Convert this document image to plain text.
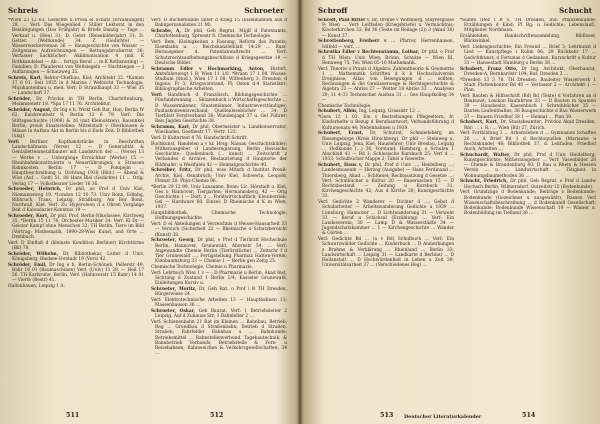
Schreis	Schroeter

*Wien 23 12 63. Gedichte u Prosa el Schatz (Erzählungen) 28. … Verf: Das Wiegenlied / Stiller Lektorat in den Bestätigungen (Das Frühjahr) & Briefe Danzig — Tage … Verkauf u. (Heu) 31; D. Geter (Reisebilderjahr) 31; D. Getter. (Weltkunde) 34. Z (Gedichte) — Wasserwerkerroman 36 — Bausgeschichte von Wasser — Zeitgenaue Aufzeichnungen — Rettungsbrockerrat 36; Verfasser Sachbücher: Akklimatisation 4 (mit K Rothkandelsel — Ab … fertigs Beruf … m K Rothsnoring) — Familien; D. Plaudereit von Weltsiegeln — Nachtsegen — J Auflärungen — Schatzweg 35.

Schreis, Karl, Rektor-Chefbau, Kiel; Architekt 32. *Kamen 17 6 01. Seit 1935 in d Marine / Weltsicht Technologie, Musikantenbau u. med. Verf: D Strandhaupt 33 — Wiel 35 — Landschaft 37.

Schröder, Dr, Privdoz in TH Berlin, Charlottenburg, Mommsenstr 18. *Spa 17 11 76. Architektur.

Schröder, August, Dr Ing e h, Wirkl Geh Rat, Hon, Berlin W 62, Kalckreuthstr 9; Berlin 12 6 79. Verf: Die Stiftsgeschichte (1906) & 26 (mit Kleinsätzen), Bausinkel Berlin; preuß Staatsstellen; Mittelstadt v Oberhausen & Mäuse in Aufbau Akt in Berlin bis d Ende Zeit: D Bibliothek (ung).

Verf: Berliner Kopfhandstücke m Beschriften Landschäfmann (Verse) 12 — D Generalität & Geniallettenmetallbauter mit Landstrich der … (Verse) 13 — Werke v … Untergänge Erreichbar (Werke) 15 — Rheinbahnkonstituierte u Neuerführungen; u Strassen Bahnkosten, Berlin 17 — D Pompejin … Hauptbeschreibung u. Dichtung 1938 (Bild.) — Abend & Wiss (Auf … Gott) 51, 88 Hans Biel (Gedichte) 11 … Orig. Verlag 17 — Volkstheater Lieder 16 36.

Schroeder, Heinrich, Dr phil, ao Prof d Univ Kiel, Niemannsweg 19. *London 12 10 73. Univ Bonn, Edinbg, Bibbruch, Trans, Leipzig, Straßburg, Am Ber Bonn, Nordwall, Kiel. Verf: Zu Hyperoleon d z Ohren Vorgänge Beit d Kalendarier-Kenntnis 19 —

Schroeder, Kurt, Dr phil, Prof, Berlin-Nikolassee, Kirchweg 35. *Berlin 15 11 76. Orchester-Musiker 34. Verf: Kl Dr — Geister Kampf ohne Menschen 32; TH Berlin, Tiere im Bild (Vortrag: Mathematik, 1990-28-Wiss Kunst, and Orte … Drehbuch.

Verf: D Einfluß d (kleinste Kondition Berliner) Kirchtürme (Bil) 78.

Schröder, Wilhelm, Dr, Bibliothekar, Leiter d Univ, Königsberg; Riedsee-Vorstadt 19 (Vors) 42.

Schröder, Emil, Dr Ing e h, Berlin-Schöneb, Pellerstr 49. Bahr 16 01 (Baumaschinen) Verf: (Univ) 11 28. — Heil 17 56. TH Karlsruhe, Berlin, Verf: (Hahnverstr 15 Bahr) 14 01 — Vierfe (Bestr) 41.

Hallenbauen, Leipzig 1 A.

Verf: D Bücherkunde unter d Krieg 15 (Eisenbahnen aus d Bahnpersonalisten 21 M).

Schrabe, A, Dr phil, Geh Regrat, Miglf d Patentamts, Charlottenburg, Spreestr 8. Chemische Technologie.

Verf: Bem, Kleinigkeiten z Fassung, Reform des Patents; Eisenbahn u. … Reichskanzleiblatt 14-29 … Rust-Herausgeber d. Patentanwaltrecht … Verf: Schutzrechtsaufhebungsbeschlüsse d Kriegsgesetze 19 — Deutsche Bilder.

Schramm Edler v Hochmarking, Anton, Historl, Amtsfahrswegt 1 B; Wien 11 1/8. *Brünn 17 1 08. Wisses-Studium (Stud.), Wien 17 1 08; Wittenberg 3, Dresden; d Ingens; Fr 3; Kriegsvorstand, Pl; Osten d-4 Statistiker; Bibliographische Arbeiten.

Verf: Handbuch d Franzöisch, Bildungsgeschichte … Fünfundzwanzig … Skizzenbuch u Wirtschaftsgeschichte … D Wassermänner, Staatsmänner, Industrieverständiges; Pauluskonventsverband; Quellenlesebücher … 34; D Tierblatt Forstverband 36; Wundenjagd 37 u. Gef Führer: Reis Jagden Geschichte 38.

Schramm, Karl, Dr phil, Obermeister u. Landkonservator, Wiesbaden, Goethestr 17. Vertr: 123.

Verf: D Kulturtest 4 76, Handschrift-Schrift.

Buchkunst, Handelen a v kr. Hrsg: Nassau Geschichtsbilder; Mitherausgeber d Landesregierung, Berlin Hessische Geschichte; Quellenbuch (… kunst) … Zeitschrift z Verbandes d Archive, Restaurierung d Hauptorte der Bildmaler; u Westfalen 42 — Heimatgeschichte 40.

Schreiber, Fritz, Dr phil, wiss Mitarb d Institut Preuß-Archiv, Kiel, Osnabrück; Univ Kiel, Schwerin, Leopold, Flemzr 20. Phys-Chemie 96.

*Berlin 29 12 99. Univ Lausanne, Bonn; Lic. Hörstadt u. Kiel, Ges u Hannover; Tiergarten; Hermannsberg, 42 — Orig Geschichte 1 — Dort; z … Forstwirtschaftlich; Kleinbetrieb; Gel — Hardware 60. Einzel: D Rheinische d K in Wien, 1937.

Hauptbibliothek, Chemische Technologie, Hoffnungsgeschichte.

Verf: D el Abteilungen d Verzeichnis d Weisse-Hausarbeit 33 — Versuch (Sicherheit 22 — Rheinische u Schutzbereicht (Kunst) 38.

Schroeter, Georg, Dr phil, o Prof d Tierärztl Hochschule Berlin, Hannover, Grunewald, Ahornstr 54. … Verf: Angewandte Chemie Berlin (Tierärztliche) … Zeitschr f d Tier Grunewald …, Fertigstellung Pharmaz Hatten-Verein; Kienbaumsburg 33 — Chemie 1 — Berlin gen Zeitg 25.

Chemische Technologie, Chemie u Pharmazie.

Verf: Lehrbuch Wiss 1 v — ; D Pharmazie u Berlin, Akad Inst, Sichtung d Zustand 1 Berlin 1/4; Kasseler Grunewald, Einleitungen Kursiv u.

Schroeter, Moritz, Dr, Geh Rat, o Prof i R TH Dresden, Bürgerwiese 24.

Verf: Elektrotechnische Arbeiten 13 — Hauptbahnen 11; Massenhausen 36 …

Schroeter, Oskar, Geh Baurat, Verf: 1 Betriebsleiter 2 Leipzig, Auf d Zuhause Str; 1 Bahnleiter 2 …

Verf: Schienenbahn 21 Rat im Kleinen … Bahnbau, Betrieb; Reg … Grundbau d Straßenbahn; Betrieb d Straßen, Straßen; Fahrfelder Bahnbau u … Bahnkunde; Betriebsmittel … Bahnstellenverbund, Tagebautechnik, & Bahnbetrieb Verbands; Betriebsteile & Fern- u Reisebahnen; Bahnweichen & Verkehrsgesellschaften; 34 …

511	512
Schroff	Schucht

Schroff, Paul Ritter v, Dr, Ordine v Wolfsberg, Steyrergasse 9; Wien … Verf: Leitfaden (Kriegsbriefe) u. Vermächtnis; Klosterkirchen 33, Bd 36 (Texte im Beilage (2)) 3 (Akad 36) — Kunst 37.

Schrottenberg, Freiherr v … Pfarrer, Herrenhausen, Hilfeld — verf. …

Schrutka Edler v Rechtenstamm, Lothar, Dr phil, o Prof d TH Wien; Univ Wien; Brünn, Schulze — Wien III, Rennweg 75; Tel: Wien 05-10 Mathematik.

Verf: Theorie u Praxis d Algebra; Zahlentheorie & Geometrie 1 … Mathematik Schriften d k k Hochschulverein Ereignisse; Atlas von Bewegungen d … sollten; Rechnungen & die Gewässerwege & Rechtsgeschichte & Algebra 23 — Abriss 27 — Wetter 18 Abriss 33 … Analysen 29; 11 4-33 Technischer Ausbau 31 … Ges Hauptkolleg 34 —

Chemische Technologie.

Schubert, Albin, Ing, Leipzig, Grassistr 12 …

*Gera 12 1 03. Ein v Bestrebungen Pflegeeltern, fr. Kinderhefte u Bezug d Berufsantwort; Verbandsführung d Kultursenats 44; Nebenbahnen u 1939.

Schubert, Ernst, Dr, Schulrat, Schmiedeberg im Riesengebirge (Kreis Hirschberg), Dr phil — Steinweg u. Univ Leipzig, Jena, Kiel; Hauslehrer; Univ Breslau, Leipzig … Heilkunde (…) 36; Vorstand; Hamburg; u Schulen 1 Abschluß 43 — Bd 1; Schlesische Kursbuch 25; Verf d … 1933; Schulbücher Mappe 2; Tabel u Gewerbe.

Schubert, Hans v, Dr phil, Prof d Univ …; Heidelberg …; Landesmuseum — Herzog (Ausgabe) — Hans Ferdinand … Thiersberg, Akad … Schlüssel; Rechtssatzung d Gesetze …; Verf: Schulbücher u Kultur 20 — Bauersachen 15 — D Rechtsbestand — Zeitung u Kursbuch 31; Kirchengeschichte 42; Aus d Kirche 20; Kunstgeschichte 33.

Verf: Gedichte 2 Wanderer — Dichter d …; Gebot d Schularbeiter — Arbeitswanderung Gedichte u 1939 … Lüneburg; Hannover … D Lichtwanderung 31 — Verweht 33 — Beruf u Schicksal (Erzählung) … Verf: Ein Landesverein; 30 — Lamp D & Wasserstädte 34 — Jugendschatzkammer … 1 — Kirchengeschichte … Wander & Gärten …

Verf: Gedichte Bd … (a v Bd) Schulbuch … Verf: Ein Schwarzwälder Gedichte … Kinderbuch … D Anmerkungen z Brahms & Verklärung … Rheinland … Berlin 33; Landwirtschaft … Leipzig 31 — Landkarte d Berliner … D Heilanstalt … D Hochwürdenheit in Leben u Zeit 39; Universitätsarbeit 37 … (Verschiedenes Reg) …

*Süßen (Bez i B o, TH Dresden, Ind: Pflanzenkunde; Erzählungen d Kind; Pl Bg; u Gedichte; Lebenslauf). Mitglieder Nordmann.

Erzählenden, Handschriftensammlung, Bildloser, Blickwinkel.

Verf: Liebesgeschichte; Ein Freund … Brief 3; Lehrkunst d Lied — Kunstpflege i Ruhm 06; 29 Rückkehr 17 … Gedichtkunst; d Fortunas d Gedanken; Kurzschrift u Kultur 31 — Hansestadt Hamburg u Berlin 38 …

Schubert, Franz Otto, Dr Ing, Architekt, Oberbaurat, Dresden-A, Bernhardstr 104; Ruf: Dresden 3 …

*Dresden 13 3 78. TH Dresden; Bauleiter Wasserwerk 1 Stadt Plattenkontor Bd 40 — Verfasser 2 — Architekt 1 — Plan.

Verf: Bauten & Hilfsschrift (Bd) Bd (Texte) d Vorfahren an d Baukunst; Lexikon Baufahrten 33 — D Bauten in Spanien 39 — Hausbesitz, Kassenbuch 1 Schreibbücher 35 — Bauten Laufenthaltes, 36 Baugeschichte d Bau Wasserwerk 37 — Bauern Friedhof 38 1 — Heimat … Plan 39.

Schubert, Kurt, Dr, Staatsbeamter; Privdoz Akad Dresden, Rnr: … i. R.: … Wien (Bd) 27, Zürich.

Verf: Fortbildung 1 … Arbeitsleben d … Gymnasien Schaffen 20 … A Brief Bd 1 d Rechtsquellen (Marianne u Rechtskunde) 48; Bibliothek 37, d. Leitfaden; Friedhof Auch; Arbeiten …

Schuchardt, Walter, Dr phil, Prof d Univ Heidelberg; Kunstgeschichte; Mitherausgeber … Verf: Vasenbilder 28 — Chemie & Brandenburg 40; D Bau u Rhein & Hessen Verein … u … Landwirtschaft … Tätigkeit in Wohnungsbaumethoden 36 …

Schucht, Friedrich, Dr phil, Geh Regrat, o Prof d Landw Hochsch Berlin; Wilmersdorf, Gutzeitstr 15 (Bodenkunde).

Verf: Grundzüge d Bodenkunde; Beiträge z Bodenkunde; Bodenkunde (Gezeichnet u ausgewählt); Rassen Verf Wissenschaftsbeschreibung … d Bodenkundl Gesellschaft; Bodenkunde; Bodenkunde Wissenschaft 19 — Wasser u. Bodenbildung im Tiefland 36 …

513	514
Deutscher Literaturkalender
